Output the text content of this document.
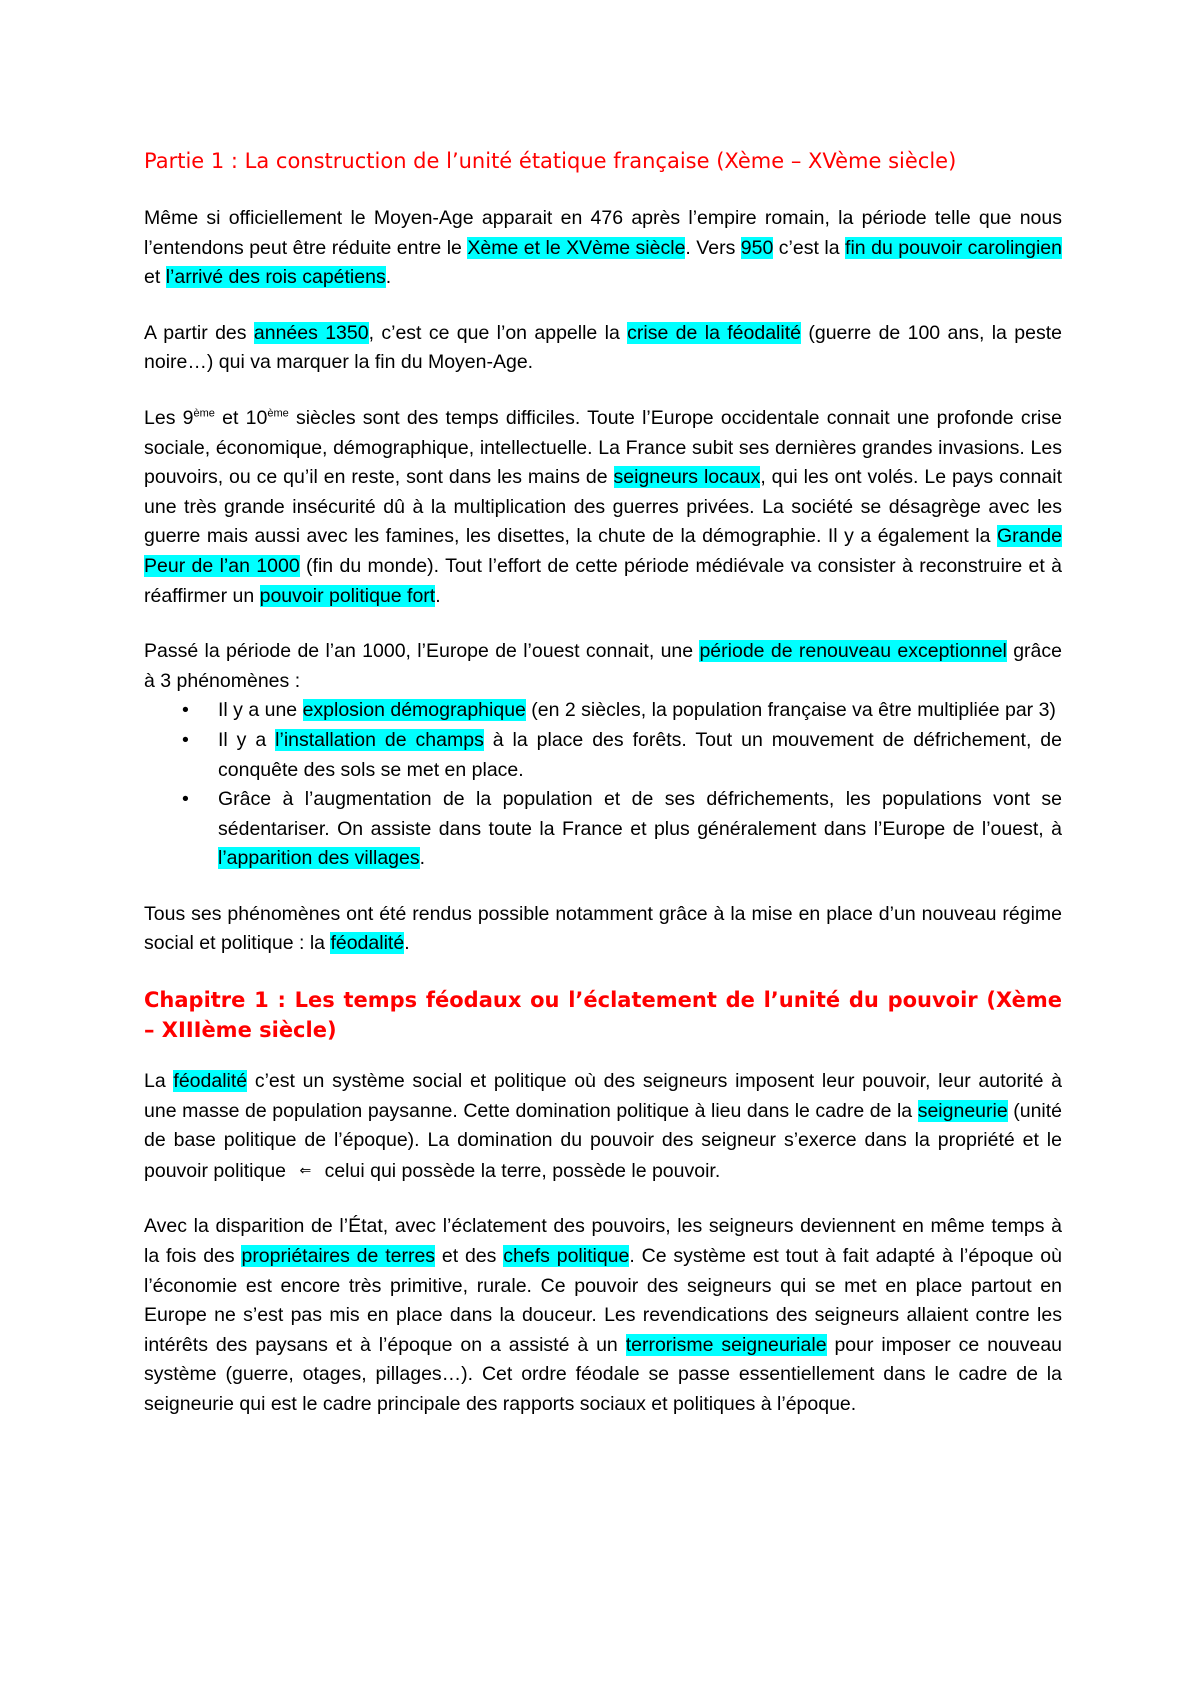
Partie 1 : La construction de l’unité étatique française (Xème – XVème siècle)

Même si officiellement le Moyen-Age apparait en 476 après l’empire romain, la période telle que nous l’entendons peut être réduite entre le Xème et le XVème siècle. Vers 950 c’est la fin du pouvoir carolingien et l’arrivé des rois capétiens.

A partir des années 1350, c’est ce que l’on appelle la crise de la féodalité (guerre de 100 ans, la peste noire…) qui va marquer la fin du Moyen-Age.

Les 9ème et 10ème siècles sont des temps difficiles. Toute l’Europe occidentale connait une profonde crise sociale, économique, démographique, intellectuelle. La France subit ses dernières grandes invasions. Les pouvoirs, ou ce qu’il en reste, sont dans les mains de seigneurs locaux, qui les ont volés. Le pays connait une très grande insécurité dû à la multiplication des guerres privées. La société se désagrège avec les guerre mais aussi avec les famines, les disettes, la chute de la démographie. Il y a également la Grande Peur de l’an 1000 (fin du monde). Tout l’effort de cette période médiévale va consister à reconstruire et à réaffirmer un pouvoir politique fort.

Passé la période de l’an 1000, l’Europe de l’ouest connait, une période de renouveau exceptionnel grâce à 3 phénomènes :

• Il y a une explosion démographique (en 2 siècles, la population française va être multipliée par 3)
• Il y a l’installation de champs à la place des forêts. Tout un mouvement de défrichement, de conquête des sols se met en place.
• Grâce à l’augmentation de la population et de ses défrichements, les populations vont se sédentariser. On assiste dans toute la France et plus généralement dans l’Europe de l’ouest, à l’apparition des villages.

Tous ses phénomènes ont été rendus possible notamment grâce à la mise en place d’un nouveau régime social et politique : la féodalité.

Chapitre 1 : Les temps féodaux ou l’éclatement de l’unité du pouvoir (Xème – XIIIème siècle)

La féodalité c’est un système social et politique où des seigneurs imposent leur pouvoir, leur autorité à une masse de population paysanne. Cette domination politique à lieu dans le cadre de la seigneurie (unité de base politique de l’époque). La domination du pouvoir des seigneur s’exerce dans la propriété et le pouvoir politique ⇐ celui qui possède la terre, possède le pouvoir.

Avec la disparition de l’État, avec l’éclatement des pouvoirs, les seigneurs deviennent en même temps à la fois des propriétaires de terres et des chefs politique. Ce système est tout à fait adapté à l’époque où l’économie est encore très primitive, rurale. Ce pouvoir des seigneurs qui se met en place partout en Europe ne s’est pas mis en place dans la douceur. Les revendications des seigneurs allaient contre les intérêts des paysans et à l’époque on a assisté à un terrorisme seigneuriale pour imposer ce nouveau système (guerre, otages, pillages…). Cet ordre féodale se passe essentiellement dans le cadre de la seigneurie qui est le cadre principale des rapports sociaux et politiques à l’époque.
